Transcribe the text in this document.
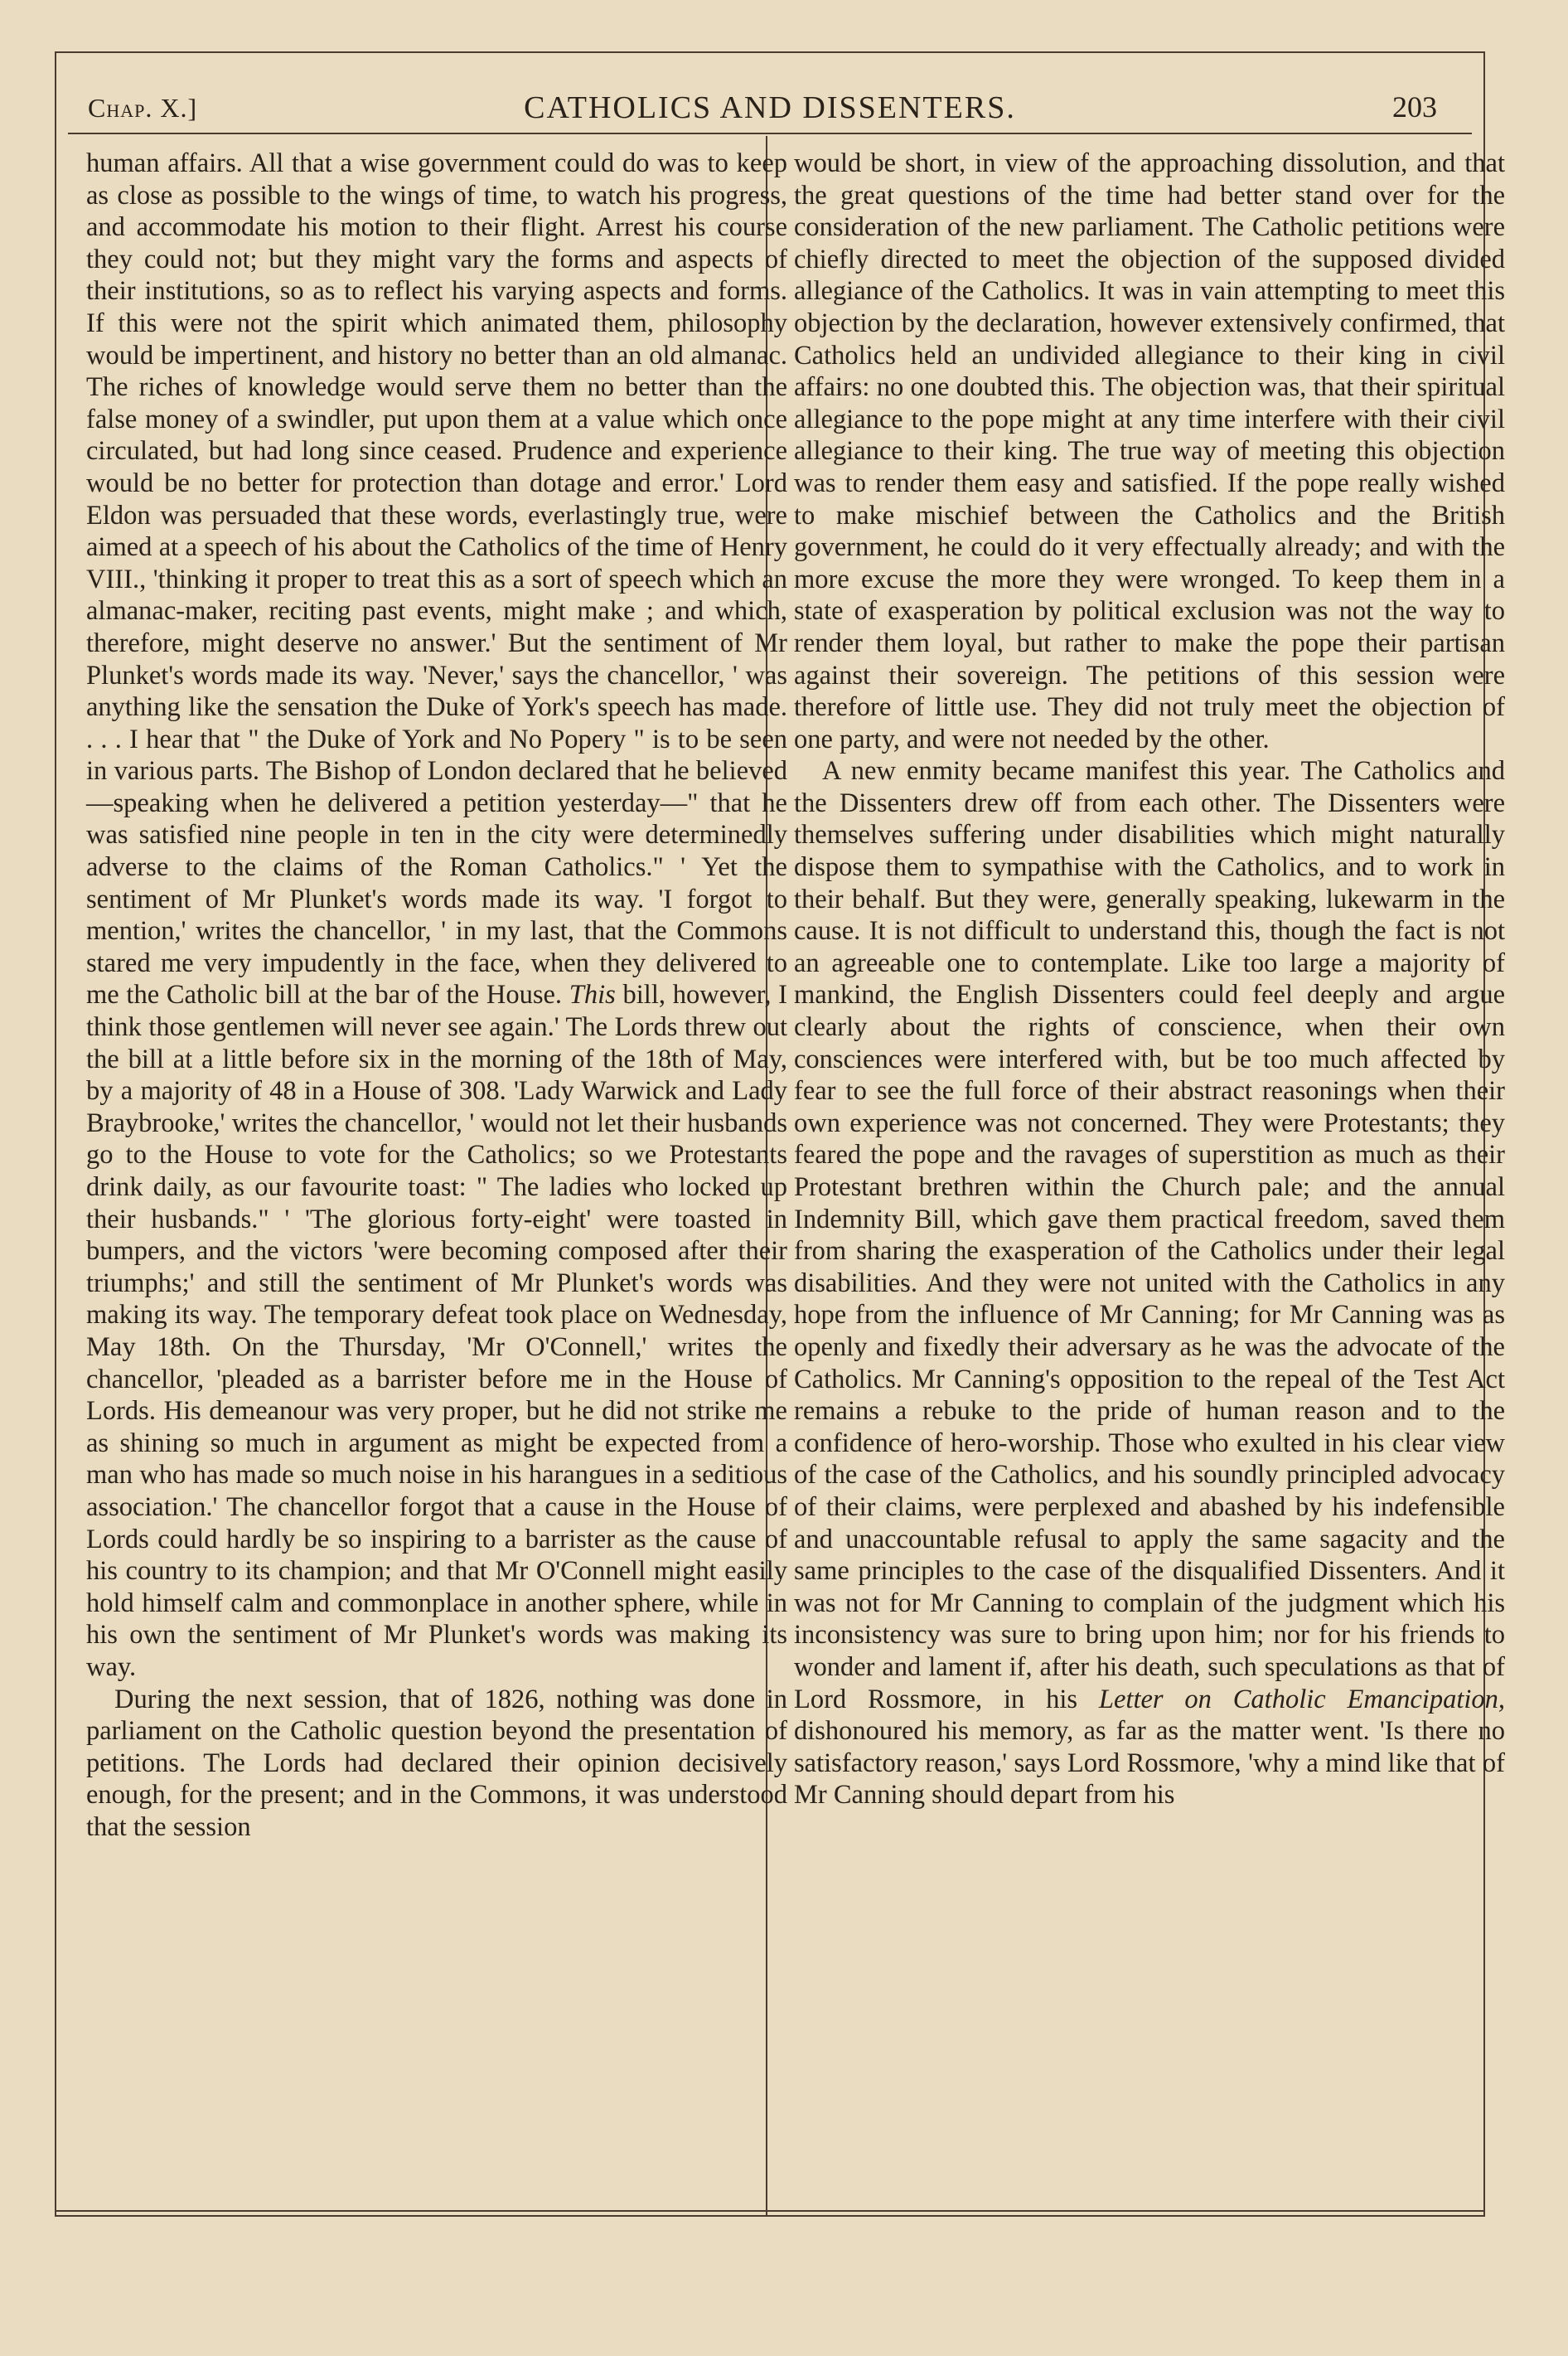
Chap. X.]	CATHOLICS AND DISSENTERS.	203

human affairs. All that a wise government could do was to keep as close as possible to the wings of time, to watch his progress, and accommodate his motion to their flight. Arrest his course they could not; but they might vary the forms and aspects of their institutions, so as to reflect his varying aspects and forms. If this were not the spirit which animated them, philosophy would be impertinent, and history no better than an old almanac. The riches of knowledge would serve them no better than the false money of a swindler, put upon them at a value which once circulated, but had long since ceased. Prudence and experience would be no better for protection than dotage and error.' Lord Eldon was persuaded that these words, everlastingly true, were aimed at a speech of his about the Catholics of the time of Henry VIII., 'thinking it proper to treat this as a sort of speech which an almanac-maker, reciting past events, might make ; and which, therefore, might deserve no answer.' But the sentiment of Mr Plunket's words made its way. 'Never,' says the chancellor, ' was anything like the sensation the Duke of York's speech has made. . . . I hear that " the Duke of York and No Popery " is to be seen in various parts. The Bishop of London declared that he believed—speaking when he delivered a petition yesterday—" that he was satisfied nine people in ten in the city were determinedly adverse to the claims of the Roman Catholics." ' Yet the sentiment of Mr Plunket's words made its way. 'I forgot to mention,' writes the chancellor, ' in my last, that the Commons stared me very impudently in the face, when they delivered to me the Catholic bill at the bar of the House. This bill, however, I think those gentlemen will never see again.' The Lords threw out the bill at a little before six in the morning of the 18th of May, by a majority of 48 in a House of 308. 'Lady Warwick and Lady Braybrooke,' writes the chancellor, ' would not let their husbands go to the House to vote for the Catholics; so we Protestants drink daily, as our favourite toast: " The ladies who locked up their husbands." ' 'The glorious forty-eight' were toasted in bumpers, and the victors 'were becoming composed after their triumphs;' and still the sentiment of Mr Plunket's words was making its way. The temporary defeat took place on Wednesday, May 18th. On the Thursday, 'Mr O'Connell,' writes the chancellor, 'pleaded as a barrister before me in the House of Lords. His demeanour was very proper, but he did not strike me as shining so much in argument as might be expected from a man who has made so much noise in his harangues in a seditious association.' The chancellor forgot that a cause in the House of Lords could hardly be so inspiring to a barrister as the cause of his country to its champion; and that Mr O'Connell might easily hold himself calm and commonplace in another sphere, while in his own the sentiment of Mr Plunket's words was making its way.

During the next session, that of 1826, nothing was done in parliament on the Catholic question beyond the presentation of petitions. The Lords had declared their opinion decisively enough, for the present; and in the Commons, it was understood that the session

would be short, in view of the approaching dissolution, and that the great questions of the time had better stand over for the consideration of the new parliament. The Catholic petitions were chiefly directed to meet the objection of the supposed divided allegiance of the Catholics. It was in vain attempting to meet this objection by the declaration, however extensively confirmed, that Catholics held an undivided allegiance to their king in civil affairs: no one doubted this. The objection was, that their spiritual allegiance to the pope might at any time interfere with their civil allegiance to their king. The true way of meeting this objection was to render them easy and satisfied. If the pope really wished to make mischief between the Catholics and the British government, he could do it very effectually already; and with the more excuse the more they were wronged. To keep them in a state of exasperation by political exclusion was not the way to render them loyal, but rather to make the pope their partisan against their sovereign. The petitions of this session were therefore of little use. They did not truly meet the objection of one party, and were not needed by the other.

A new enmity became manifest this year. The Catholics and the Dissenters drew off from each other. The Dissenters were themselves suffering under disabilities which might naturally dispose them to sympathise with the Catholics, and to work in their behalf. But they were, generally speaking, lukewarm in the cause. It is not difficult to understand this, though the fact is not an agreeable one to contemplate. Like too large a majority of mankind, the English Dissenters could feel deeply and argue clearly about the rights of conscience, when their own consciences were interfered with, but be too much affected by fear to see the full force of their abstract reasonings when their own experience was not concerned. They were Protestants; they feared the pope and the ravages of superstition as much as their Protestant brethren within the Church pale; and the annual Indemnity Bill, which gave them practical freedom, saved them from sharing the exasperation of the Catholics under their legal disabilities. And they were not united with the Catholics in any hope from the influence of Mr Canning; for Mr Canning was as openly and fixedly their adversary as he was the advocate of the Catholics. Mr Canning's opposition to the repeal of the Test Act remains a rebuke to the pride of human reason and to the confidence of hero-worship. Those who exulted in his clear view of the case of the Catholics, and his soundly principled advocacy of their claims, were perplexed and abashed by his indefensible and unaccountable refusal to apply the same sagacity and the same principles to the case of the disqualified Dissenters. And it was not for Mr Canning to complain of the judgment which his inconsistency was sure to bring upon him; nor for his friends to wonder and lament if, after his death, such speculations as that of Lord Rossmore, in his Letter on Catholic Emancipation, dishonoured his memory, as far as the matter went. 'Is there no satisfactory reason,' says Lord Rossmore, 'why a mind like that of Mr Canning should depart from his
